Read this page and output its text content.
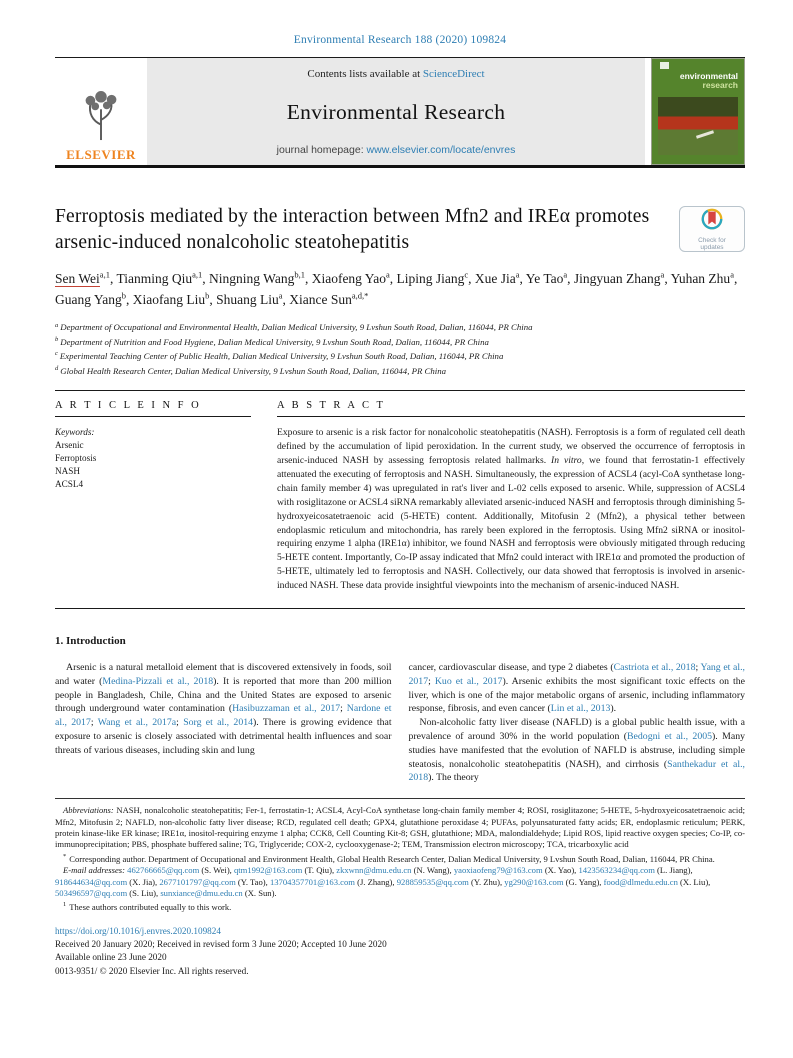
Environmental Research 188 (2020) 109824
ELSEVIER
Contents lists available at ScienceDirect
Environmental Research
journal homepage: www.elsevier.com/locate/envres
environmental
research
Ferroptosis mediated by the interaction between Mfn2 and IREα promotes arsenic-induced nonalcoholic steatohepatitis	Check for updates
Sen Wei$^{a,1}$ , Tianming Qiu$^{a,1}$ , Ningning Wang$^{b,1}$ , Xiaofeng Yao$^a$ , Liping Jiang$^c$ , Xue Jia$^a$ , Ye Tao$^a$ , Jingyuan Zhang$^a$ , Yuhan Zhu$^a$ , Guang Yang$^b$ , Xiaofang Liu$^b$ , Shuang Liu$^a$ , Xiance Sun$^{a,d,*}$
$^a$ Department of Occupational and Environmental Health, Dalian Medical University, 9 Lvshun South Road, Dalian, 116044, PR China
$^b$ Department of Nutrition and Food Hygiene, Dalian Medical University, 9 Lvshun South Road, Dalian, 116044, PR China
$^c$ Experimental Teaching Center of Public Health, Dalian Medical University, 9 Lvshun South Road, Dalian, 116044, PR China
$^d$ Global Health Research Center, Dalian Medical University, 9 Lvshun South Road, Dalian, 116044, PR China
A R T I C L E I N F O
Keywords:
Arsenic
Ferroptosis
NASH
ACSL4
A B S T R A C T

Exposure to arsenic is a risk factor for nonalcoholic steatohepatitis (NASH). Ferroptosis is a form of regulated cell death defined by the accumulation of lipid peroxidation. In the current study, we observed the occurrence of ferroptosis in arsenic-induced NASH by assessing ferroptosis related hallmarks. In vitro, we found that ferrostatin-1 effectively attenuated the executing of ferroptosis and NASH. Simultaneously, the expression of ACSL4 (acyl-CoA synthetase long-chain family member 4) was upregulated in rat's liver and L-02 cells exposed to arsenic. While, suppression of ACSL4 with rosiglitazone or ACSL4 siRNA remarkably alleviated arsenic-induced NASH and ferroptosis through diminishing 5-hydroxyeicosatetraenoic acid (5-HETE) content. Additionally, Mitofusin 2 (Mfn2), a physical tether between endoplasmic reticulum and mitochondria, has rarely been explored in the ferroptosis. Using Mfn2 siRNA or inositol-requiring enzyme 1 alpha (IRE1α) inhibitor, we found NASH and ferroptosis were obviously mitigated through reducing 5-HETE content. Importantly, Co-IP assay indicated that Mfn2 could interact with IRE1α and promoted the production of 5-HETE, ultimately led to ferroptosis and NASH. Collectively, our data showed that ferroptosis is involved in arsenic-induced NASH. These data provide insightful viewpoints into the mechanism of arsenic-induced NASH.

1. Introduction

Arsenic is a natural metalloid element that is discovered extensively in foods, soil and water (Medina-Pizzali et al., 2018). It is reported that more than 200 million people in Bangladesh, Chile, China and the United States are exposed to arsenic through underground water contamination (Hasibuzzaman et al., 2017; Nardone et al., 2017; Wang et al., 2017a; Sorg et al., 2014). There is growing evidence that exposure to arsenic is closely associated with detrimental health influences and soar threats of various diseases, including skin and lung

cancer, cardiovascular disease, and type 2 diabetes (Castriota et al., 2018; Yang et al., 2017; Kuo et al., 2017). Arsenic exhibits the most significant toxic effects on the liver, which is one of the major metabolic organs of arsenic, including inflammatory response, fibrosis, and even cancer (Lin et al., 2013).

Non-alcoholic fatty liver disease (NAFLD) is a global public health issue, with a prevalence of around 30% in the world population (Bedogni et al., 2005). Many studies have manifested that the evolution of NAFLD is abstruse, including simple steatosis, nonalcoholic steatohepatitis (NASH), and cirrhosis (Santhekadur et al., 2018). The theory

Abbreviations: NASH, nonalcoholic steatohepatitis; Fer-1, ferrostatin-1; ACSL4, Acyl-CoA synthetase long-chain family member 4; ROSI, rosiglitazone; 5-HETE, 5-hydroxyeicosatetraenoic acid; Mfn2, Mitofusin 2; NAFLD, non-alcoholic fatty liver disease; RCD, regulated cell death; GPX4, glutathione peroxidase 4; PUFAs, polyunsaturated fatty acids; ER, endoplasmic reticulum; PERK, protein kinase-like ER kinase; IRE1α, inositol-requiring enzyme 1 alpha; CCK8, Cell Counting Kit-8; GSH, glutathione; MDA, malondialdehyde; Lipid ROS, lipid reactive oxygen species; Co-IP, co-immunoprecipitation; PBS, phosphate buffered saline; TG, Triglyceride; COX-2, cyclooxygenase-2; TEM, Transmission electron microscopy; TCA, tricarboxylic acid

* Corresponding author. Department of Occupational and Environment Health, Global Health Research Center, Dalian Medical University, 9 Lvshun South Road, Dalian, 116044, PR China.

E-mail addresses: 462766665@qq.com (S. Wei), qtm1992@163.com (T. Qiu), zkxwnn@dmu.edu.cn (N. Wang), yaoxiaofeng79@163.com (X. Yao), 1423563234@qq.com (L. Jiang), 918644634@qq.com (X. Jia), 2677101797@qq.com (Y. Tao), 13704357701@163.com (J. Zhang), 928859535@qq.com (Y. Zhu), yg290@163.com (G. Yang), food@dlmedu.edu.cn (X. Liu), 503496597@qq.com (S. Liu), sunxiance@dmu.edu.cn (X. Sun).

$^1$ These authors contributed equally to this work.

https://doi.org/10.1016/j.envres.2020.109824
Received 20 January 2020; Received in revised form 3 June 2020; Accepted 10 June 2020
Available online 23 June 2020
0013-9351/ © 2020 Elsevier Inc. All rights reserved.
